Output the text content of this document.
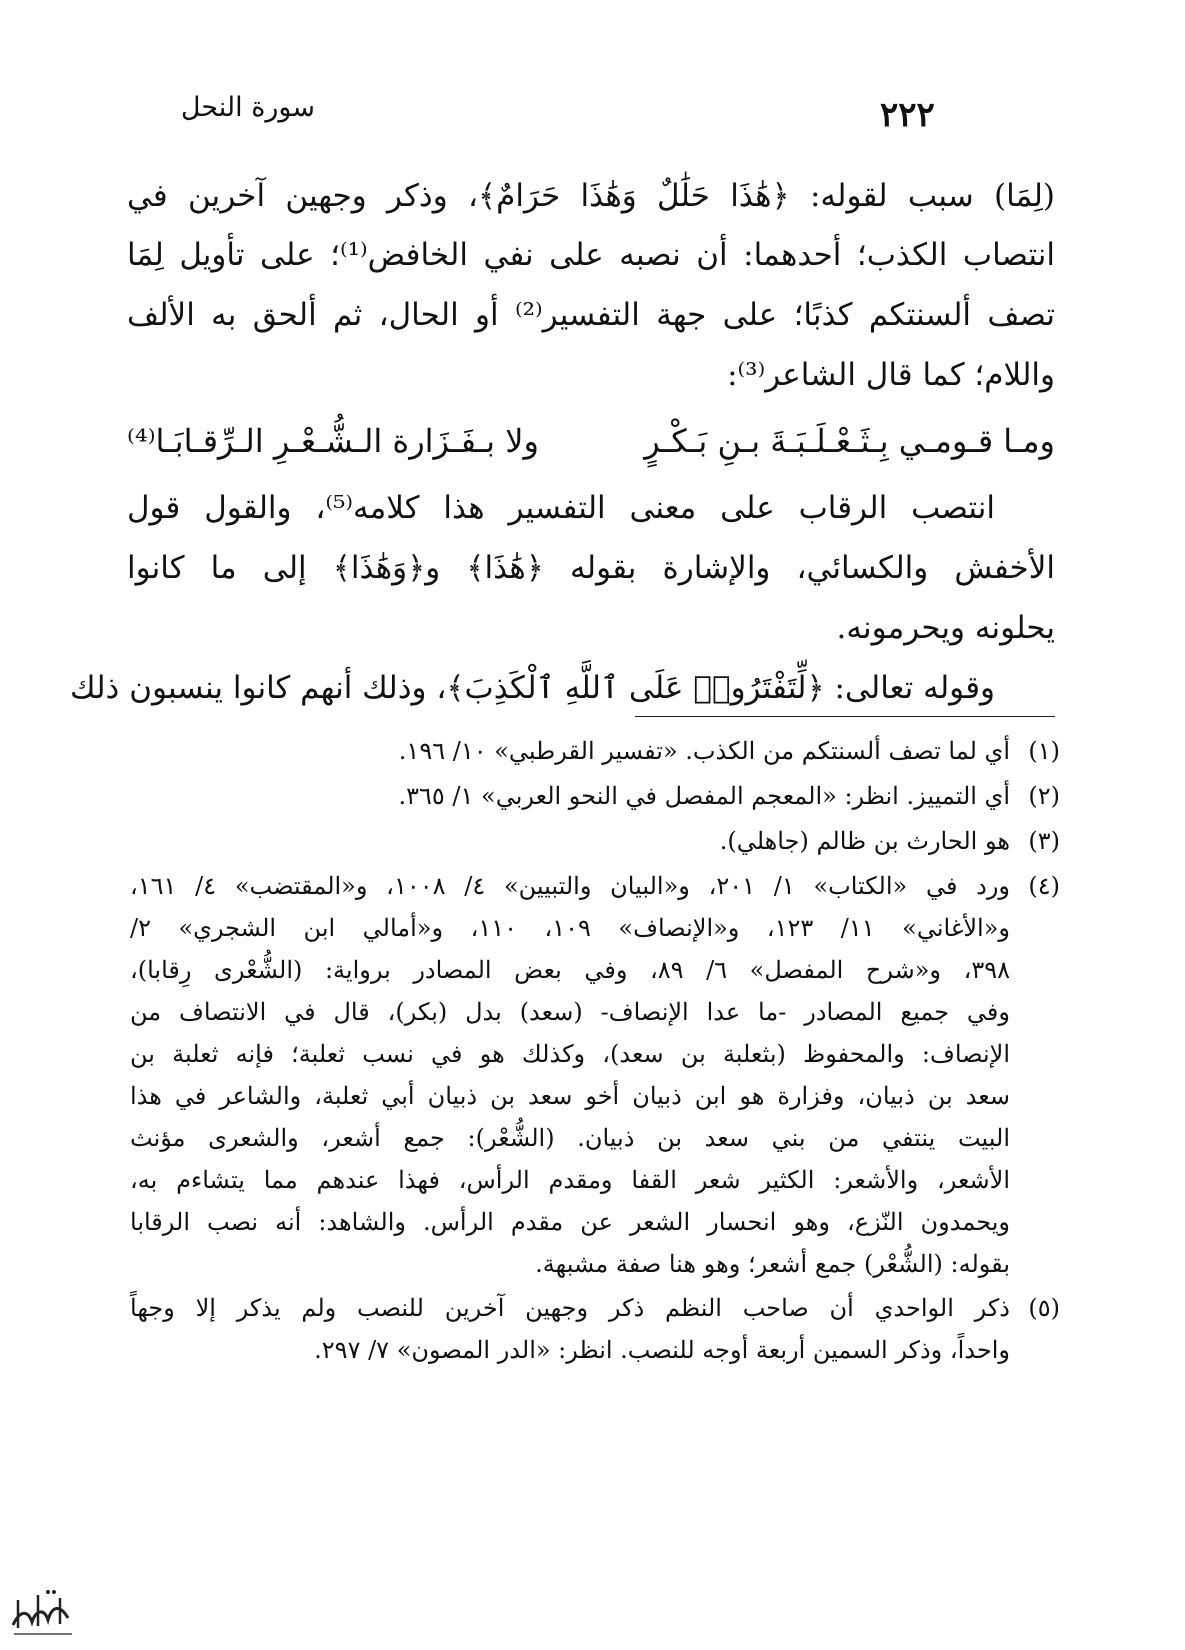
سورة النحل	٢٢٢
(لِمَا) سبب لقوله: ﴿هَٰذَا حَلَٰلٌ وَهَٰذَا حَرَامٌ﴾، وذكر وجهين آخرين في
انتصاب الكذب؛ أحدهما: أن نصبه على نفي الخافض⁽¹⁾؛ على تأويل لِمَا
تصف ألسنتكم كذبًا؛ على جهة التفسير⁽²⁾ أو الحال، ثم ألحق به الألف
واللام؛ كما قال الشاعر⁽³⁾:
ومـا قـومـي بِـثَـعْـلَـبَـةَ بـنِ بَـكْـرٍ
ولا بـفَـزَارة الـشُّـعْـرِ الـرِّقـابَـا⁽⁴⁾
انتصب الرقاب على معنى التفسير هذا كلامه⁽⁵⁾، والقول قول
الأخفش والكسائي، والإشارة بقوله ﴿هَٰذَا﴾ و﴿وَهَٰذَا﴾ إلى ما كانوا
يحلونه ويحرمونه.
وقوله تعالى: ﴿لِّتَفْتَرُوا۟ عَلَى ٱللَّهِ ٱلْكَذِبَ﴾، وذلك أنهم كانوا ينسبون ذلك
(١)
أي لما تصف ألسنتكم من الكذب. «تفسير القرطبي» ١٠/ ١٩٦.
(٢)
أي التمييز. انظر: «المعجم المفصل في النحو العربي» ١/ ٣٦٥.
(٣)
هو الحارث بن ظالم (جاهلي).
(٤)
ورد في «الكتاب» ١/ ٢٠١، و«البيان والتبيين» ٤/ ١٠٠٨، و«المقتضب» ٤/ ١٦١،
و«الأغاني» ١١/ ١٢٣، و«الإنصاف» ١٠٩، ١١٠، و«أمالي ابن الشجري» ٢/
٣٩٨، و«شرح المفصل» ٦/ ٨٩، وفي بعض المصادر برواية: (الشُّعْرى رِقابا)،
وفي جميع المصادر -ما عدا الإنصاف- (سعد) بدل (بكر)، قال في الانتصاف من
الإنصاف: والمحفوظ (بثعلبة بن سعد)، وكذلك هو في نسب ثعلبة؛ فإنه ثعلبة بن
سعد بن ذبيان، وفزارة هو ابن ذبيان أخو سعد بن ذبيان أبي ثعلبة، والشاعر في هذا
البيت ينتفي من بني سعد بن ذبيان. (الشُّعْر): جمع أشعر، والشعرى مؤنث
الأشعر، والأشعر: الكثير شعر القفا ومقدم الرأس، فهذا عندهم مما يتشاءم به،
ويحمدون النّزع، وهو انحسار الشعر عن مقدم الرأس. والشاهد: أنه نصب الرقابا
بقوله: (الشُّعْر) جمع أشعر؛ وهو هنا صفة مشبهة.
(٥)
ذكر الواحدي أن صاحب النظم ذكر وجهين آخرين للنصب ولم يذكر إلا وجهاً
واحداً، وذكر السمين أربعة أوجه للنصب. انظر: «الدر المصون» ٧/ ٢٩٧.
